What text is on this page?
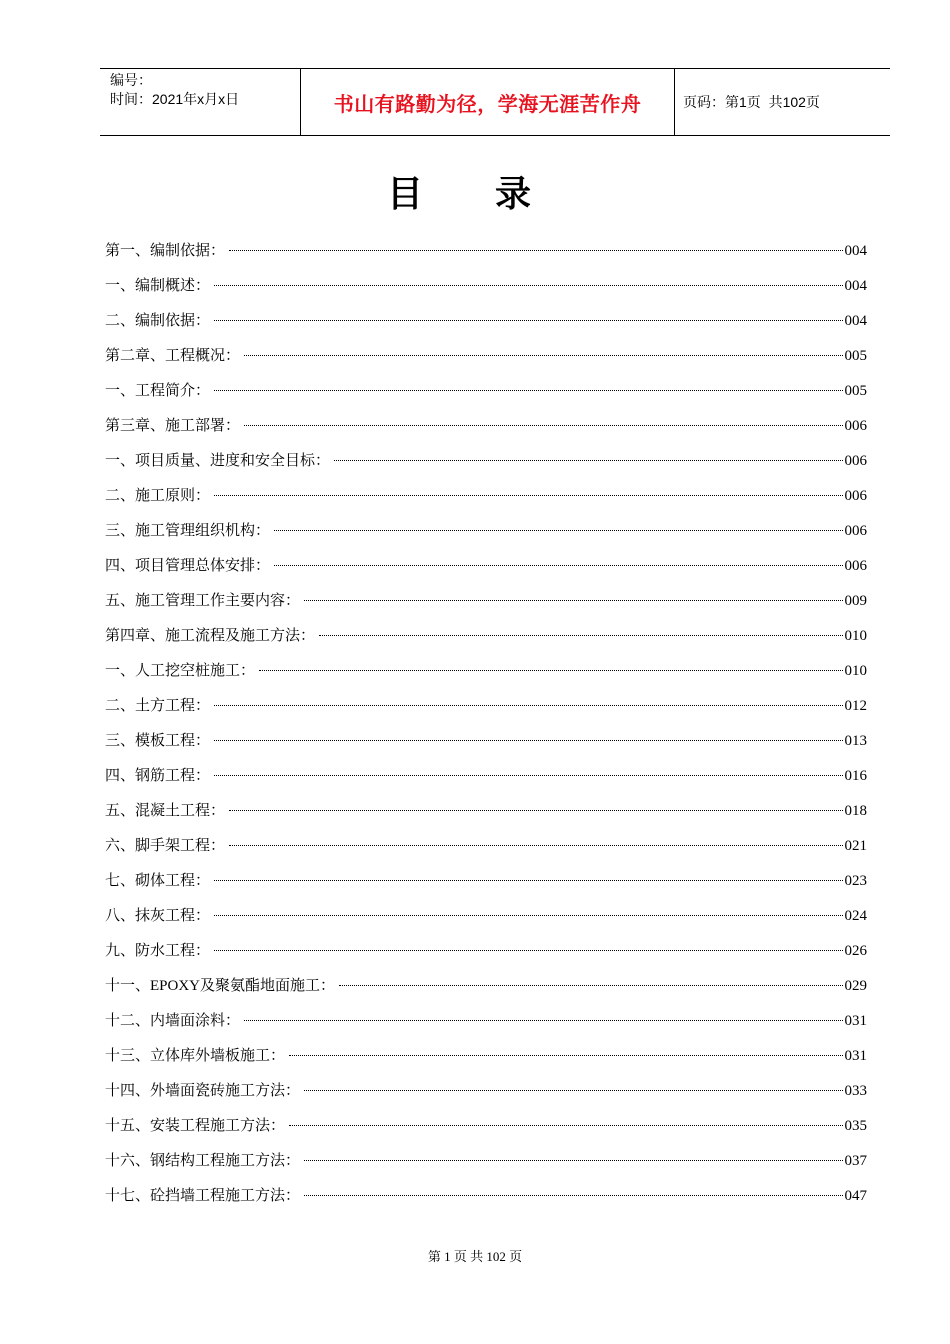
编号：
时间：2021年x月x日	书山有路勤为径，学海无涯苦作舟	页码：第1页  共102页
目录
第一、编制依据：	004
一、编制概述：	004
二、编制依据：	004
第二章、工程概况：	005
一、工程简介：	005
第三章、施工部署：	006
一、项目质量、进度和安全目标：	006
二、施工原则：	006
三、施工管理组织机构：	006
四、项目管理总体安排：	006
五、施工管理工作主要内容：	009
第四章、施工流程及施工方法：	010
一、人工挖空桩施工：	010
二、土方工程：	012
三、模板工程：	013
四、钢筋工程：	016
五、混凝土工程：	018
六、脚手架工程：	021
七、砌体工程：	023
八、抹灰工程：	024
九、防水工程：	026
十一、EPOXY及聚氨酯地面施工：	029
十二、内墙面涂料：	031
十三、立体库外墙板施工：	031
十四、外墙面瓷砖施工方法：	033
十五、安装工程施工方法：	035
十六、钢结构工程施工方法：	037
十七、砼挡墙工程施工方法：	047
第 1 页 共 102 页
